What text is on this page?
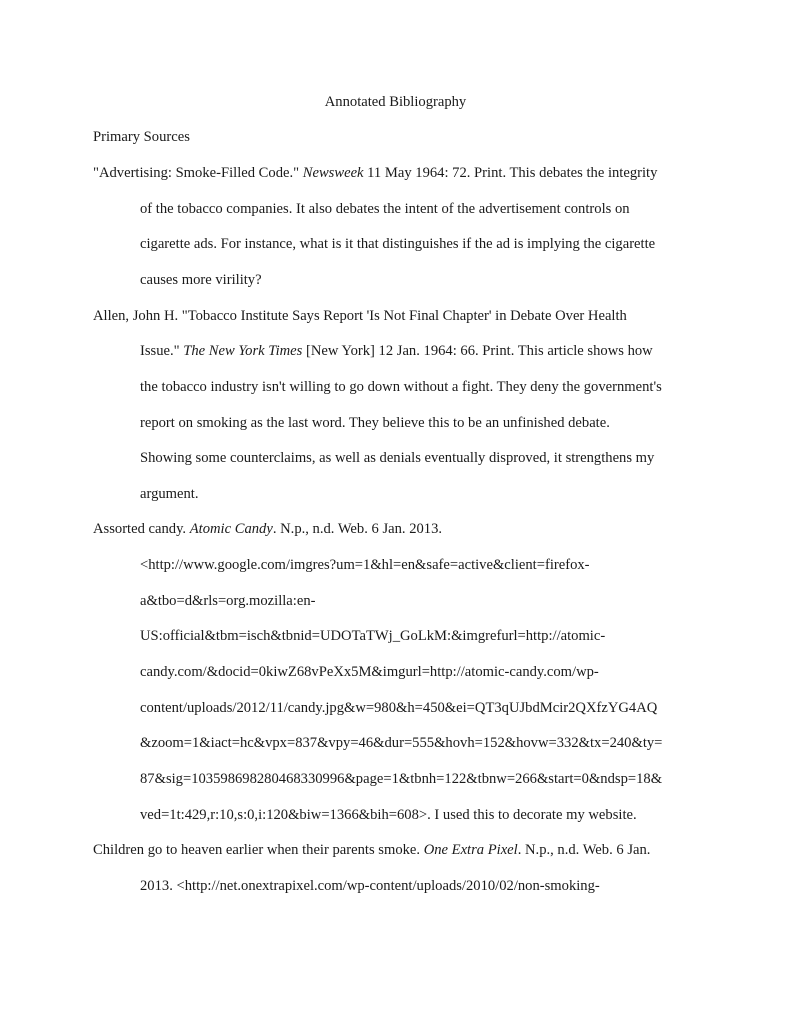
Annotated Bibliography
Primary Sources
"Advertising: Smoke-Filled Code." Newsweek 11 May 1964: 72. Print. This debates the integrity
of the tobacco companies. It also debates the intent of the advertisement controls on
cigarette ads. For instance, what is it that distinguishes if the ad is implying the cigarette
causes more virility?
Allen, John H. "Tobacco Institute Says Report 'Is Not Final Chapter' in Debate Over Health
Issue." The New York Times [New York] 12 Jan. 1964: 66. Print. This article shows how
the tobacco industry isn't willing to go down without a fight. They deny the government's
report on smoking as the last word. They believe this to be an unfinished debate.
Showing some counterclaims, as well as denials eventually disproved, it strengthens my
argument.
Assorted candy. Atomic Candy. N.p., n.d. Web. 6 Jan. 2013.
<http://www.google.com/imgres?um=1&hl=en&safe=active&client=firefox-
a&tbo=d&rls=org.mozilla:en-
US:official&tbm=isch&tbnid=UDOTaTWj_GoLkM:&imgrefurl=http://atomic-
candy.com/&docid=0kiwZ68vPeXx5M&imgurl=http://atomic-candy.com/wp-
content/uploads/2012/11/candy.jpg&w=980&h=450&ei=QT3qUJbdMcir2QXfzYG4AQ
&zoom=1&iact=hc&vpx=837&vpy=46&dur=555&hovh=152&hovw=332&tx=240&ty=
87&sig=103598698280468330996&page=1&tbnh=122&tbnw=266&start=0&ndsp=18&
ved=1t:429,r:10,s:0,i:120&biw=1366&bih=608>. I used this to decorate my website.
Children go to heaven earlier when their parents smoke. One Extra Pixel. N.p., n.d. Web. 6 Jan.
2013. <http://net.onextrapixel.com/wp-content/uploads/2010/02/non-smoking-
